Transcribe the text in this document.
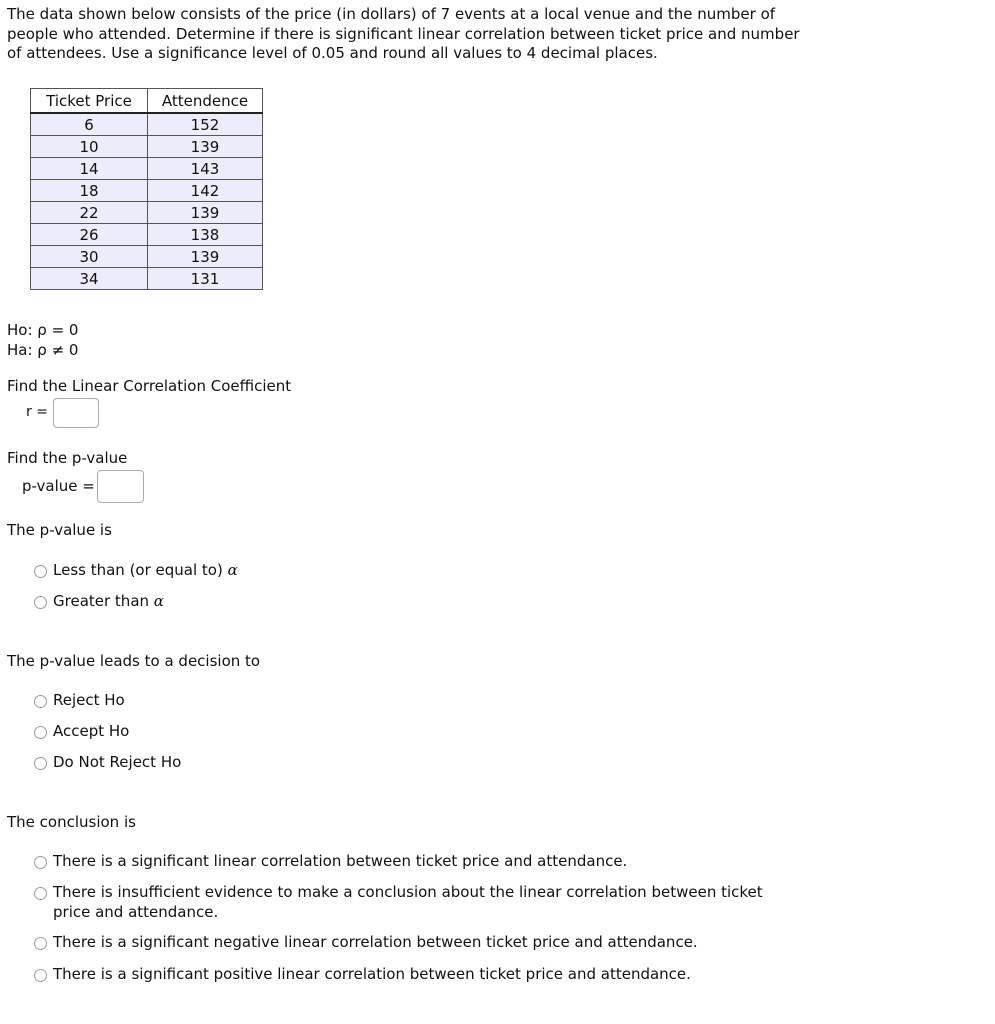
The data shown below consists of the price (in dollars) of 7 events at a local venue and the number of people who attended. Determine if there is significant linear correlation between ticket price and number of attendees. Use a significance level of 0.05 and round all values to 4 decimal places.
Ticket Price	Attendence
6	152
10	139
14	143
18	142
22	139
26	138
30	139
34	131
Ho: ρ = 0
Ha: ρ ≠ 0
Find the Linear Correlation Coefficient
r =
Find the p-value
p-value =
The p-value is
Less than (or equal to) α
Greater than α
The p-value leads to a decision to
Reject Ho
Accept Ho
Do Not Reject Ho
The conclusion is
There is a significant linear correlation between ticket price and attendance.
There is insufficient evidence to make a conclusion about the linear correlation between ticket price and attendance.
There is a significant negative linear correlation between ticket price and attendance.
There is a significant positive linear correlation between ticket price and attendance.
